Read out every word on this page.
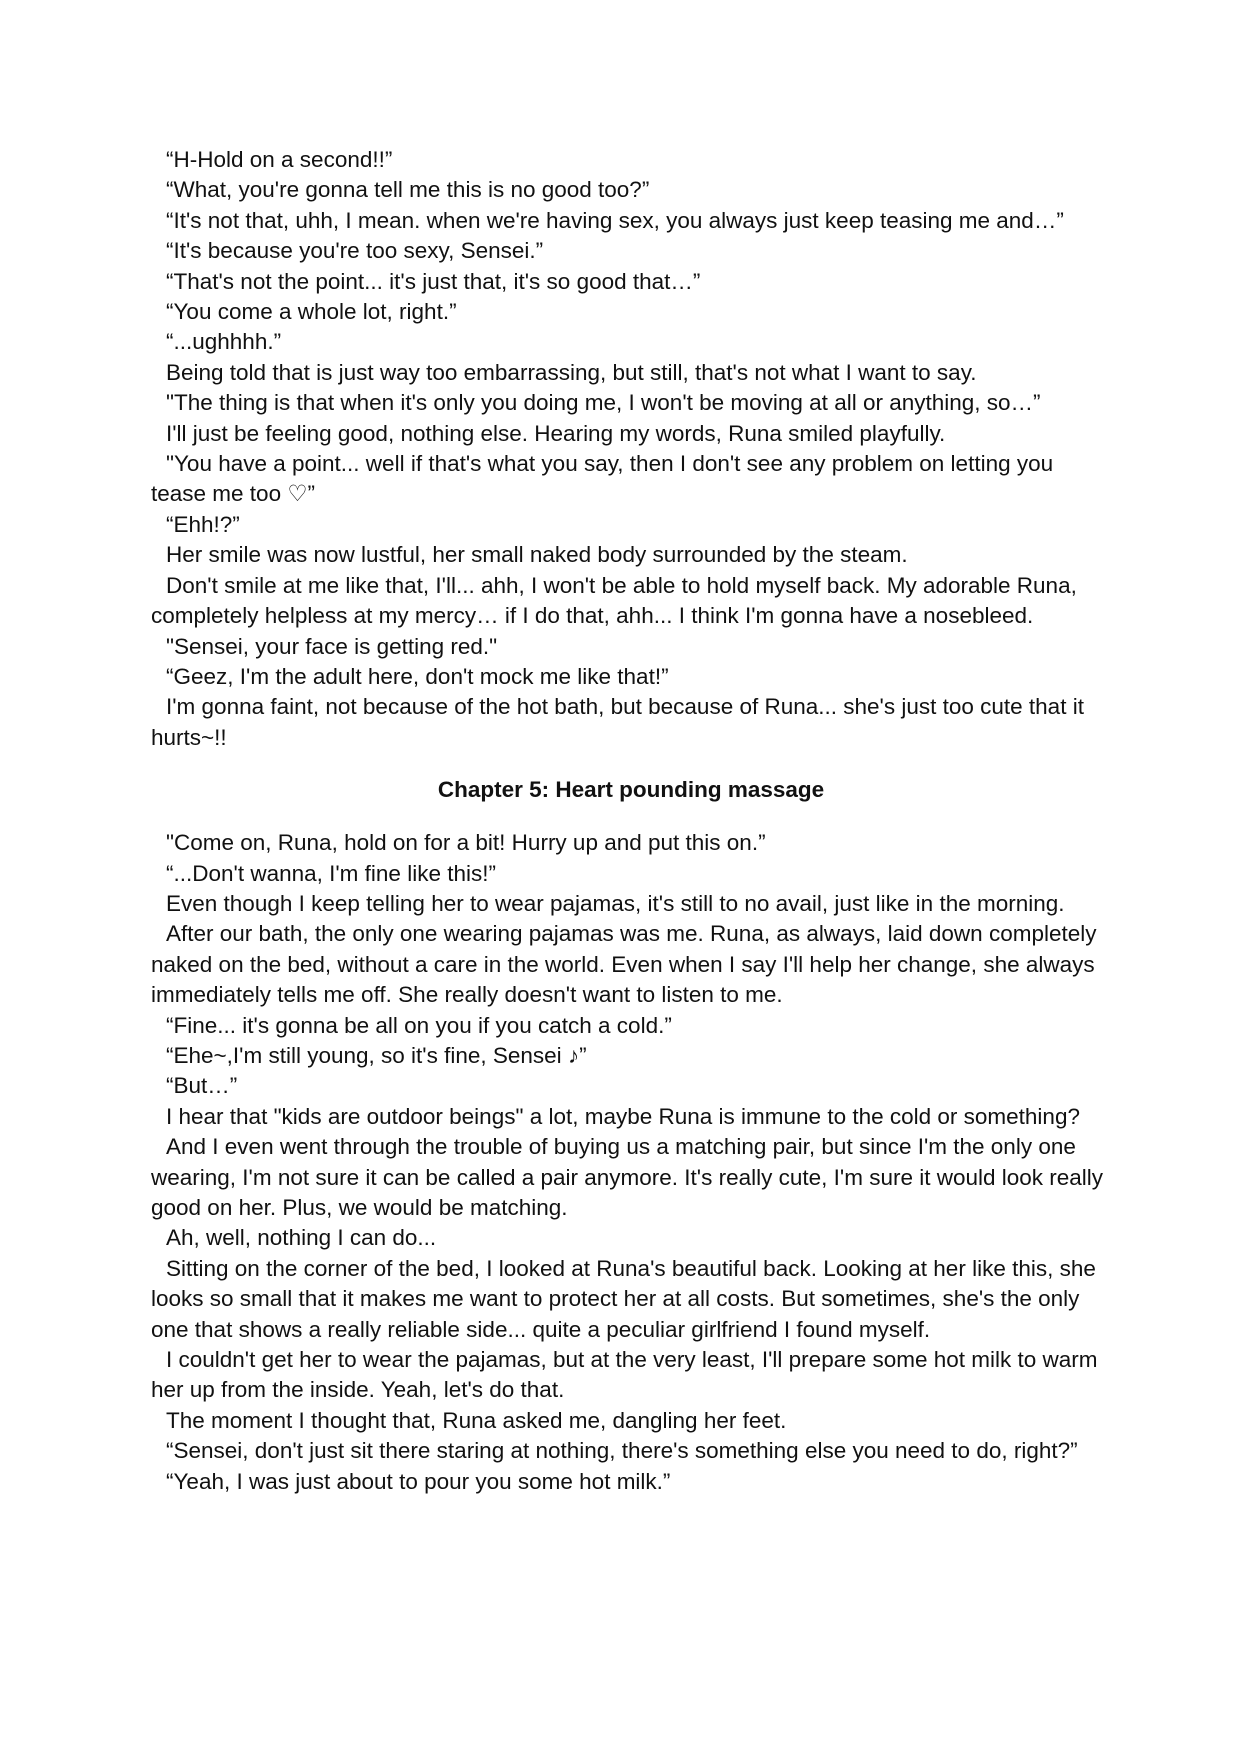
“H-Hold on a second!!”

“What, you're gonna tell me this is no good too?”

“It's not that, uhh, I mean. when we're having sex, you always just keep teasing me and…”

“It's because you're too sexy, Sensei.”

“That's not the point... it's just that, it's so good that…”

“You come a whole lot, right.”

“...ughhhh.”

Being told that is just way too embarrassing, but still, that's not what I want to say.

"The thing is that when it's only you doing me, I won't be moving at all or anything, so…”

I'll just be feeling good, nothing else. Hearing my words, Runa smiled playfully.

"You have a point... well if that's what you say, then I don't see any problem on letting you tease me too ♡”

“Ehh!?”

Her smile was now lustful, her small naked body surrounded by the steam.

Don't smile at me like that, I'll... ahh, I won't be able to hold myself back. My adorable Runa, completely helpless at my mercy… if I do that, ahh... I think I'm gonna have a nosebleed.

"Sensei, your face is getting red."

“Geez, I'm the adult here, don't mock me like that!”

I'm gonna faint, not because of the hot bath, but because of Runa... she's just too cute that it hurts~!!

Chapter 5: Heart pounding massage

"Come on, Runa, hold on for a bit! Hurry up and put this on.”

“...Don't wanna, I'm fine like this!”

Even though I keep telling her to wear pajamas, it's still to no avail, just like in the morning.

After our bath, the only one wearing pajamas was me. Runa, as always, laid down completely naked on the bed, without a care in the world. Even when I say I'll help her change, she always immediately tells me off. She really doesn't want to listen to me.

“Fine... it's gonna be all on you if you catch a cold.”

“Ehe~,I'm still young, so it's fine, Sensei ♪”

“But…”

I hear that "kids are outdoor beings" a lot, maybe Runa is immune to the cold or something?

And I even went through the trouble of buying us a matching pair, but since I'm the only one wearing, I'm not sure it can be called a pair anymore. It's really cute, I'm sure it would look really good on her. Plus, we would be matching.

Ah, well, nothing I can do...

Sitting on the corner of the bed, I looked at Runa's beautiful back. Looking at her like this, she looks so small that it makes me want to protect her at all costs. But sometimes, she's the only one that shows a really reliable side... quite a peculiar girlfriend I found myself.

I couldn't get her to wear the pajamas, but at the very least, I'll prepare some hot milk to warm her up from the inside. Yeah, let's do that.

The moment I thought that, Runa asked me, dangling her feet.

“Sensei, don't just sit there staring at nothing, there's something else you need to do, right?”

“Yeah, I was just about to pour you some hot milk.”
